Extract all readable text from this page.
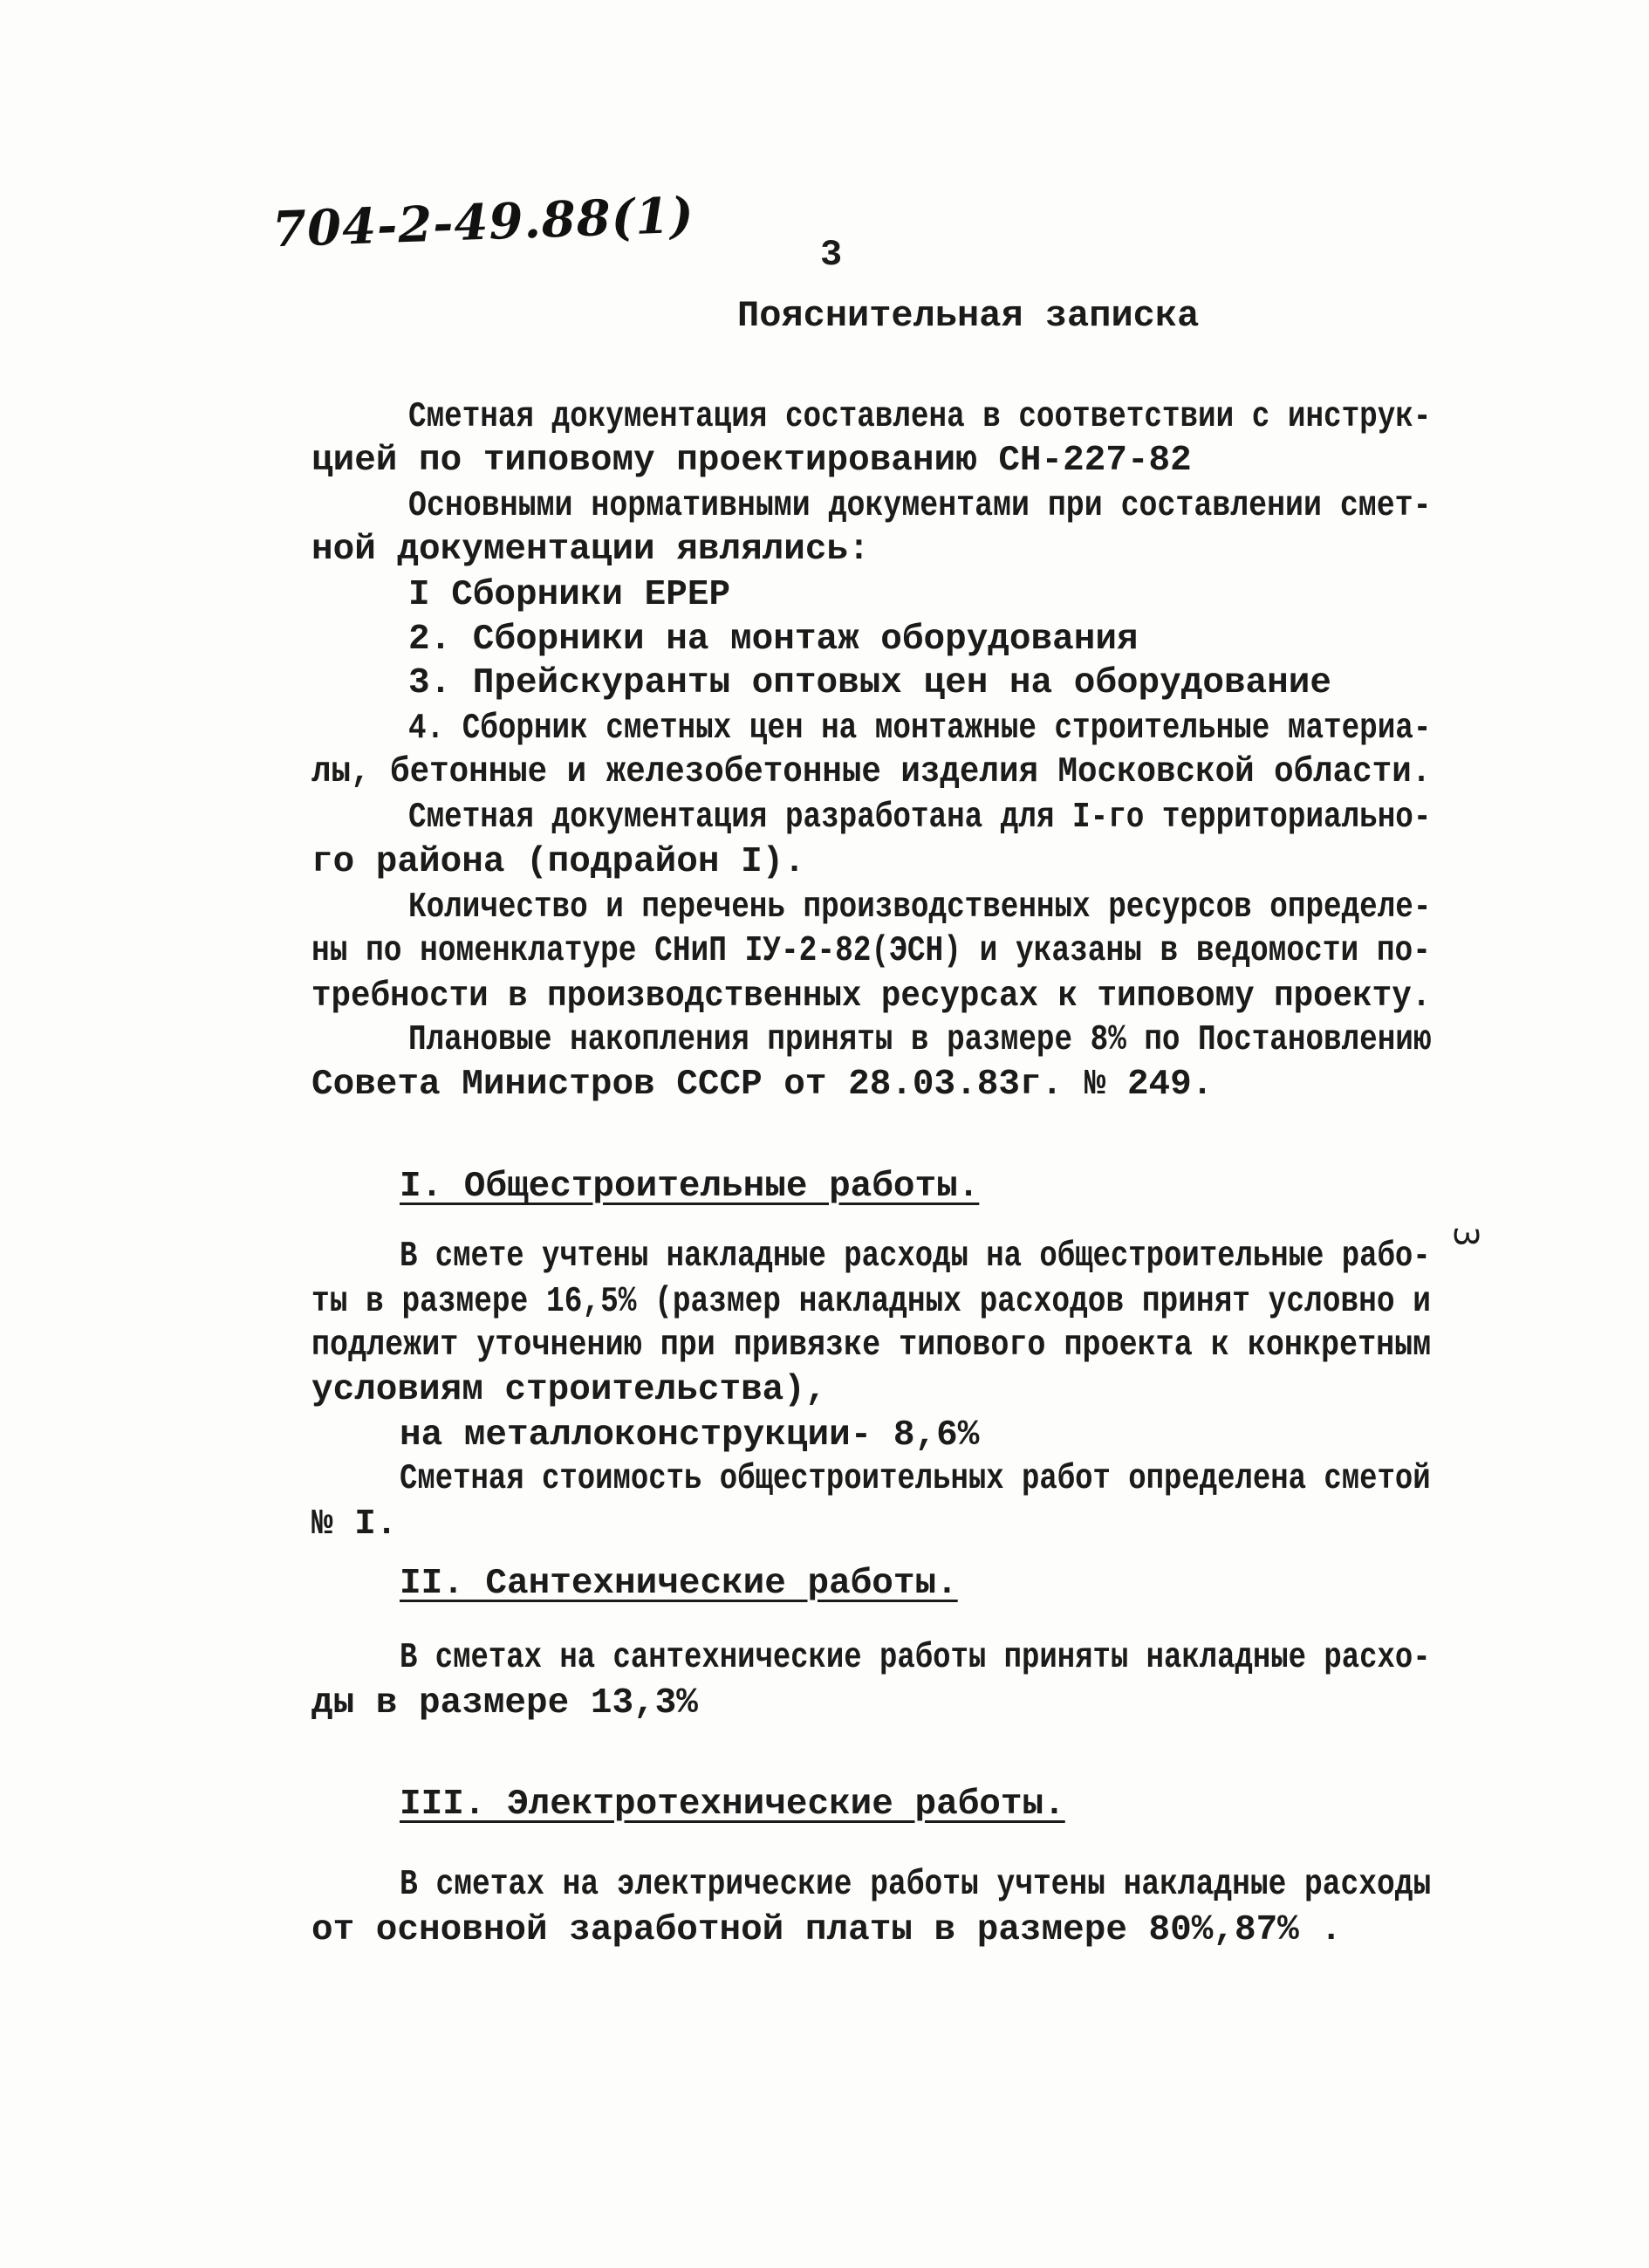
704-2-49.88(1)	3
Пояснительная записка
Сметная документация составлена в соответствии с инструк-
цией по типовому проектированию СН-227-82
Основными нормативными документами при составлении смет-
ной документации являлись:
I Сборники ЕРЕР
2. Сборники на монтаж оборудования
3. Прейскуранты оптовых цен на оборудование
4. Сборник сметных цен на монтажные строительные материа-
лы, бетонные и железобетонные изделия Московской области.
Сметная документация разработана для I-го территориально-
го района (подрайон I).
Количество и перечень производственных ресурсов определе-
ны по номенклатуре СНиП IУ-2-82(ЭСН) и указаны в ведомости по-
требности в производственных ресурсах к типовому проекту.
Плановые накопления приняты в размере 8% по Постановлению
Совета Министров СССР от 28.03.83г. № 249.
I. Общестроительные работы.
В смете учтены накладные расходы на общестроительные рабо-
ты в размере 16,5% (размер накладных расходов принят условно и
подлежит уточнению при привязке типового проекта к конкретным
условиям строительства),
на металлоконструкции- 8,6%
Сметная стоимость общестроительных работ определена сметой
№ I.
II. Сантехнические работы.
В сметах на сантехнические работы приняты накладные расхо-
ды в размере 13,3%
III. Электротехнические работы.
В сметах на электрические работы учтены накладные расходы
от основной заработной платы в размере 80%,87% .
3
